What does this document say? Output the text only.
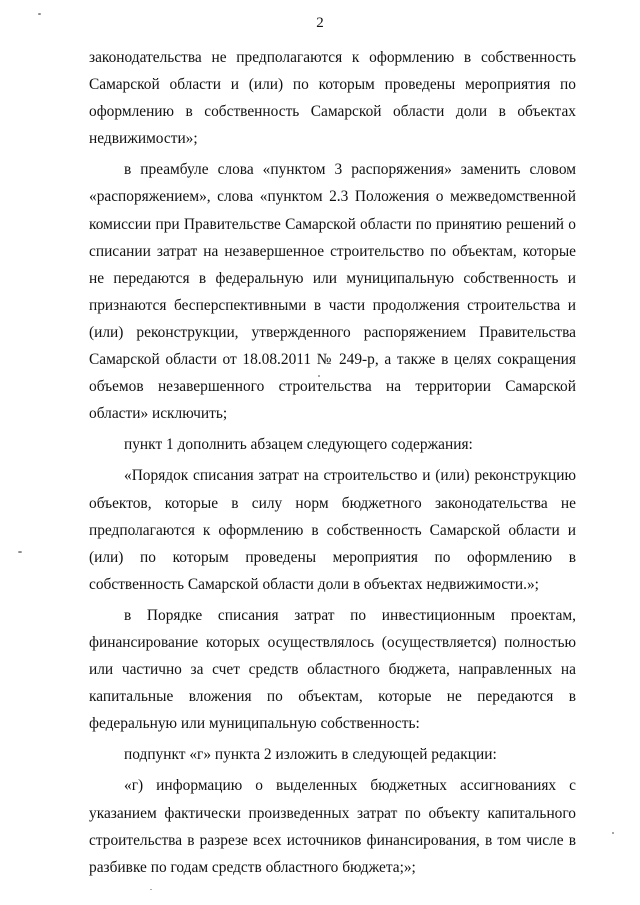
2

законодательства не предполагаются к оформлению в собственность Самарской области и (или) по которым проведены мероприятия по оформлению в собственность Самарской области доли в объектах недвижимости»;

в преамбуле слова «пунктом 3 распоряжения» заменить словом «распоряжением», слова «пунктом 2.3 Положения о межведомственной комиссии при Правительстве Самарской области по принятию решений о списании затрат на незавершенное строительство по объектам, которые не передаются в федеральную или муниципальную собственность и признаются бесперспективными в части продолжения строительства и (или) реконструкции, утвержденного распоряжением Правительства Самарской области от 18.08.2011 № 249-р, а также в целях сокращения объемов незавершенного строительства на территории Самарской области» исключить;

пункт 1 дополнить абзацем следующего содержания:

«Порядок списания затрат на строительство и (или) реконструкцию объектов, которые в силу норм бюджетного законодательства не предполагаются к оформлению в собственность Самарской области и (или) по которым проведены мероприятия по оформлению в собственность Самарской области доли в объектах недвижимости.»;

в Порядке списания затрат по инвестиционным проектам, финансирование которых осуществлялось (осуществляется) полностью или частично за счет средств областного бюджета, направленных на капитальные вложения по объектам, которые не передаются в федеральную или муниципальную собственность:

подпункт «г» пункта 2 изложить в следующей редакции:

«г) информацию о выделенных бюджетных ассигнованиях с указанием фактически произведенных затрат по объекту капитального строительства в разрезе всех источников финансирования, в том числе в разбивке по годам средств областного бюджета;»;
